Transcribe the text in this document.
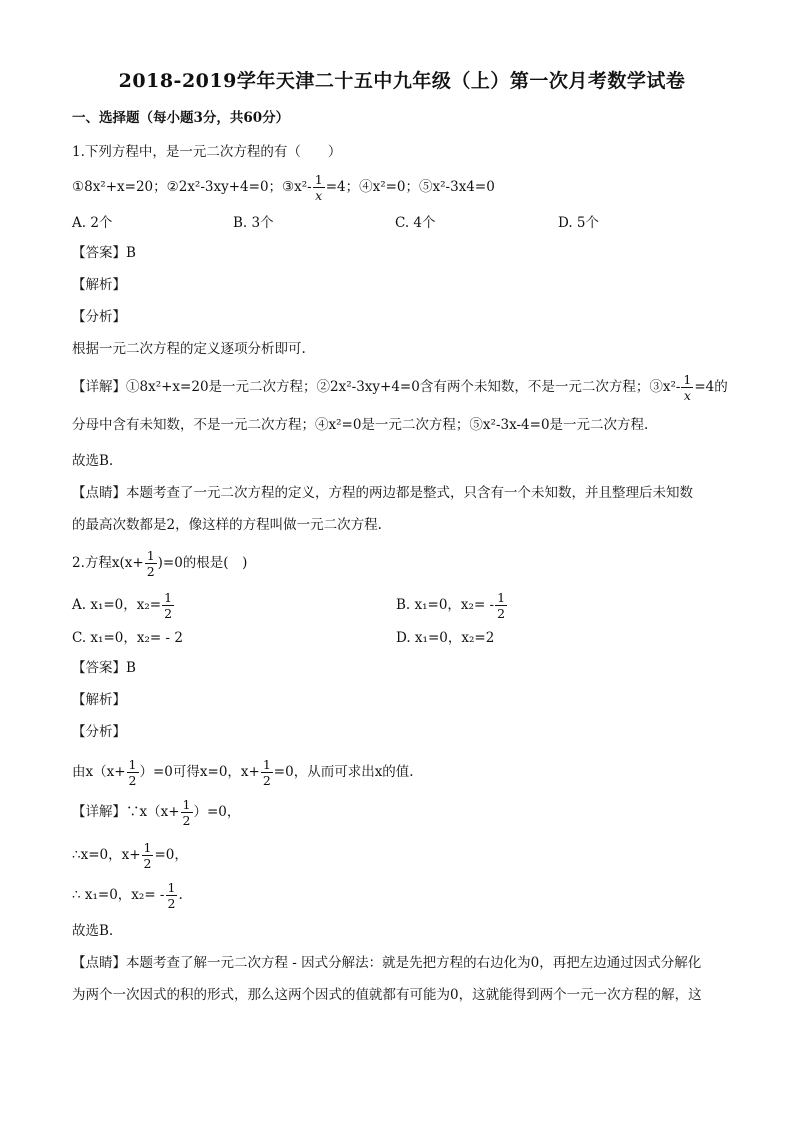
2018-2019学年天津二十五中九年级（上）第一次月考数学试卷
一、选择题（每小题3分，共60分）
1.下列方程中，是一元二次方程的有（　　）
①8x²+x=20；②2x²-3xy+4=0；③x²- $\frac{1}{x} =4$；④x²=0；⑤x²-3x4=0
A. 2个	B. 3个	C. 4个	D. 5个
【答案】B
【解析】
【分析】
根据一元二次方程的定义逐项分析即可.
【详解】①8x²+x=20是一元二次方程；②2x²-3xy+4=0含有两个未知数，不是一元二次方程；③x²- $\frac{1}{x} =4$的
分母中含有未知数，不是一元二次方程；④x²=0是一元二次方程；⑤x²-3x-4=0是一元二次方程.
故选B.
【点睛】本题考查了一元二次方程的定义，方程的两边都是整式，只含有一个未知数，并且整理后未知数
的最高次数都是2，像这样的方程叫做一元二次方程.
2.方程$x(x+ \frac{1}{2} )=0$的根是(　)
A. x₁=0，$x_2= \frac{1}{2}$	B. x₁=0，$x_2= - \frac{1}{2}$
C. x₁=0，x₂= - 2	D. x₁=0，x₂=2
【答案】B
【解析】
【分析】
由$x(x+ \frac{1}{2} )=0$可得x=0，$x+ \frac{1}{2} =0$，从而可求出x的值.
【详解】∵x（x+ $\frac{1}{2} )=0$，
∴x=0，$x+ \frac{1}{2} =0$，
∴ x₁=0，$x_2= - \frac{1}{2}$ .
故选B.
【点睛】本题考查了解一元二次方程 - 因式分解法：就是先把方程的右边化为0，再把左边通过因式分解化
为两个一次因式的积的形式，那么这两个因式的值就都有可能为0，这就能得到两个一元一次方程的解，这
